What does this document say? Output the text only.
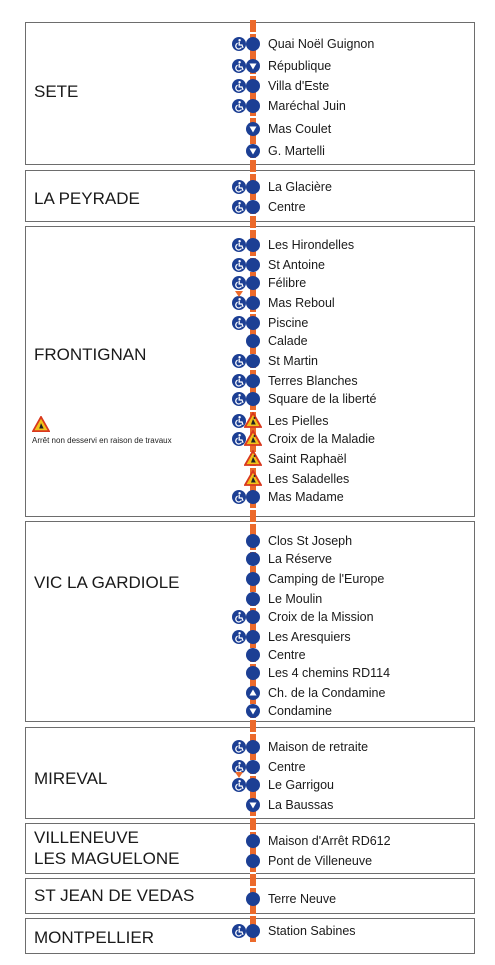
SETE
LA PEYRADE
FRONTIGNAN
Arrêt non desservi en raison de travaux
VIC LA GARDIOLE
MIREVAL
VILLENEUVE
LES MAGUELONE
ST JEAN DE VEDAS
MONTPELLIER
Quai Noël Guignon
République
Villa d'Este
Maréchal Juin
Mas Coulet
G. Martelli
La Glacière
Centre
Les Hirondelles
St Antoine
Félibre
Mas Reboul
Piscine
Calade
St Martin
Terres Blanches
Square de la liberté
Les Pielles
Croix de la Maladie
Saint Raphaël
Les Saladelles
Mas Madame
Clos St Joseph
La Réserve
Camping de l'Europe
Le Moulin
Croix de la Mission
Les Aresquiers
Centre
Les 4 chemins RD114
Ch. de la Condamine
Condamine
Maison de retraite
Centre
Le Garrigou
La Baussas
Maison d'Arrêt RD612
Pont de Villeneuve
Terre Neuve
Station Sabines
